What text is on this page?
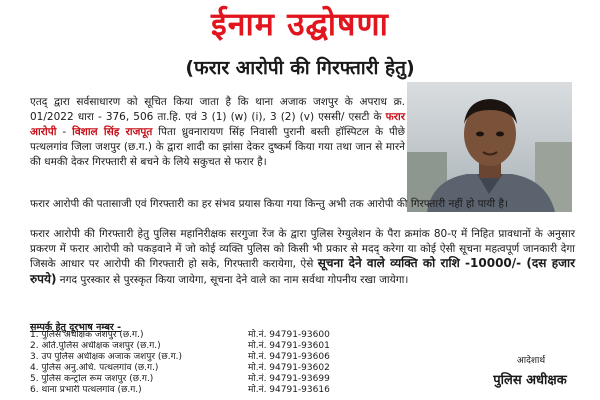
ईनाम उद्घोषणा
(फरार आरोपी की गिरफ्तारी हेतु)
एतद् द्वारा सर्वसाधारण को सूचित किया जाता है कि थाना अजाक जशपुर के अपराध क्र. 01/2022 धारा - 376, 506 ता.हि. एवं 3 (1) (w) (i), 3 (2) (v) एससी/ एसटी के फरार आरोपी - विशाल सिंह राजपूत पिता ध्रुवनारायण सिंह निवासी पुरानी बस्ती हॉस्पिटल के पीछे पत्थलगांव जिला जशपुर (छ.ग.) के द्वारा शादी का झांसा देकर दुष्कर्म किया गया तथा जान से मारने की धमकी देकर गिरफ्तारी से बचने के लिये सकुचत से फरार है।
फरार आरोपी की पतासाजी एवं गिरफ्तारी का हर संभव प्रयास किया गया किन्तु अभी तक आरोपी की गिरफ्तारी नहीं हो पायी है।
फरार आरोपी की गिरफ्तारी हेतु पुलिस महानिरीक्षक सरगुजा रेंज के द्वारा पुलिस रेग्युलेशन के पैरा क्रमांक 80-ए में निहित प्रावधानों के अनुसार प्रकरण में फरार आरोपी को पकड़वाने में जो कोई व्यक्ति पुलिस को किसी भी प्रकार से मदद् करेगा या कोई ऐसी सूचना महत्वपूर्ण जानकारी देगा जिसके आधार पर आरोपी की गिरफ्तारी हो सके, गिरफ्तारी करायेगा, ऐसे सूचना देने वाले व्यक्ति को राशि -10000/- (दस हजार रुपये) नगद पुरस्कार से पुरस्कृत किया जायेगा, सूचना देने वाले का नाम सर्वथा गोपनीय रखा जायेगा।
सम्पर्क हेतु दूरभाष नम्बर -
1. पुलिस अधीक्षक जशपुर (छ.ग.)	मो.नं. 94791-93600
2. अति.पुलिस अधीक्षक जशपुर (छ.ग.)	मो.नं. 94791-93601
3. उप पुलिस अधीक्षक अजाक जशपुर (छ.ग.)	मो.नं. 94791-93606
4. पुलिस अनु.अधि. पत्थलगांव (छ.ग.)	मो.नं. 94791-93602
5. पुलिस कन्ट्रोल रूम जशपुर (छ.ग.)	मो.नं. 94791-93699
6. थाना प्रभारी पत्थलगांव (छ.ग.)	मो.नं. 94791-93616
आदेशार्थ
पुलिस अधीक्षक
